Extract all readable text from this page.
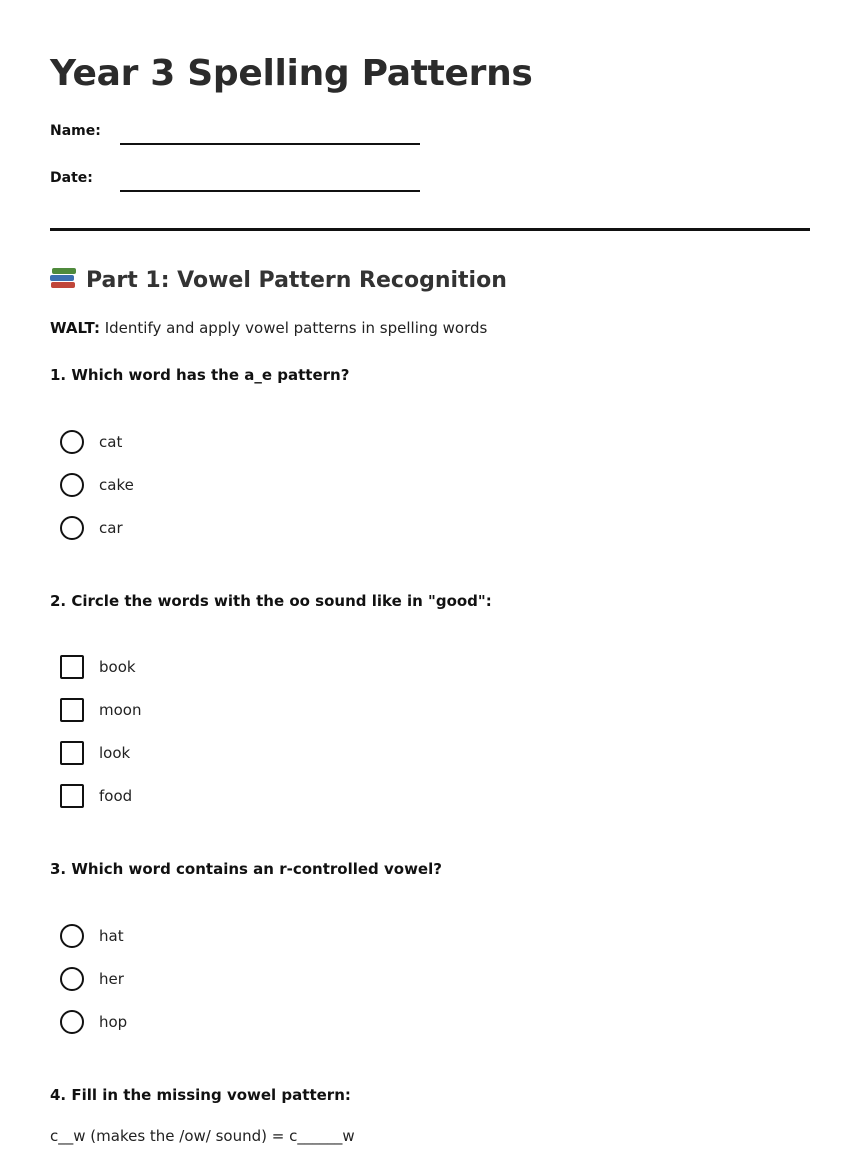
Year 3 Spelling Patterns
Name:
Date:
Part 1: Vowel Pattern Recognition
WALT: Identify and apply vowel patterns in spelling words
1. Which word has the a_e pattern?
cat
cake
car
2. Circle the words with the oo sound like in "good":
book
moon
look
food
3. Which word contains an r-controlled vowel?
hat
her
hop
4. Fill in the missing vowel pattern:
c__w (makes the /ow/ sound) = c______w
